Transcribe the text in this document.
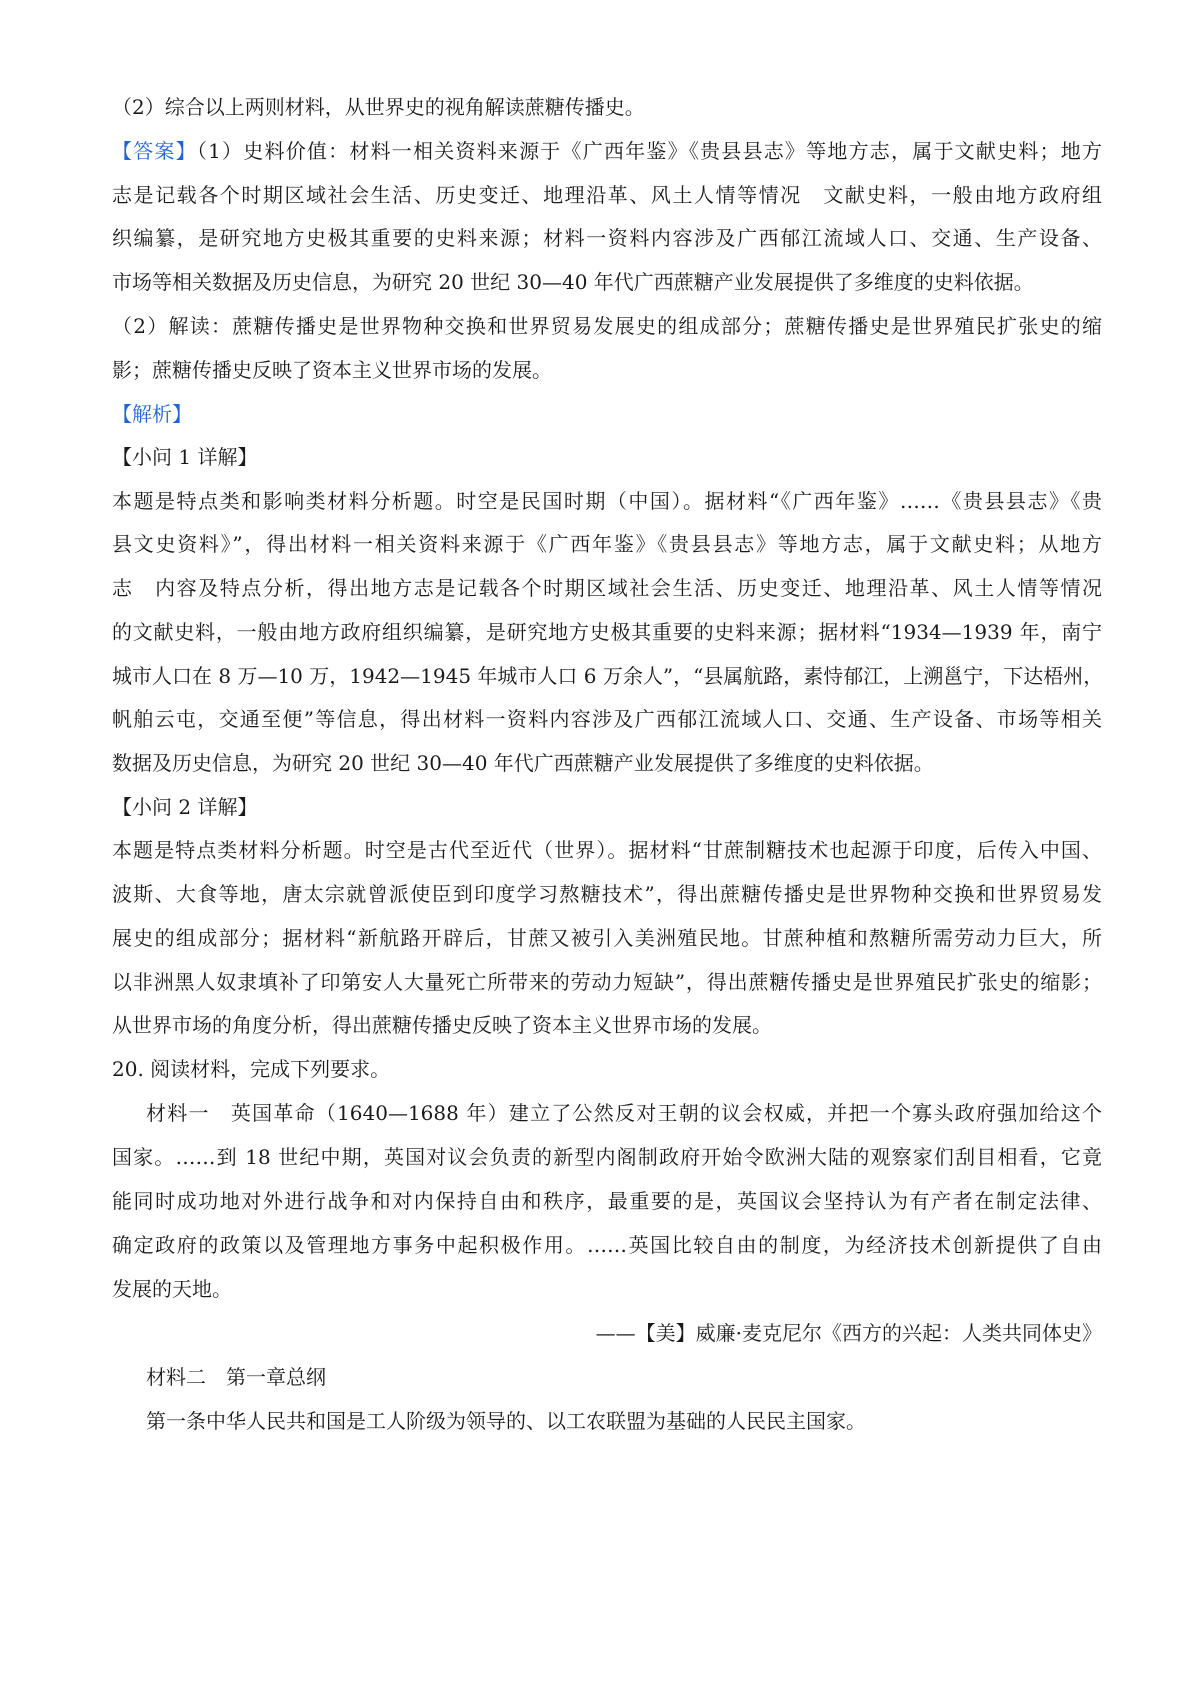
（2）综合以上两则材料，从世界史的视角解读蔗糖传播史。
【答案】（1）史料价值：材料一相关资料来源于《广西年鉴》《贵县县志》等地方志，属于文献史料；地方
志是记载各个时期区域社会生活、历史变迁、地理沿革、风土人情等情况　文献史料，一般由地方政府组
织编纂，是研究地方史极其重要的史料来源；材料一资料内容涉及广西郁江流域人口、交通、生产设备、
市场等相关数据及历史信息，为研究 20 世纪 30—40 年代广西蔗糖产业发展提供了多维度的史料依据。
（2）解读：蔗糖传播史是世界物种交换和世界贸易发展史的组成部分；蔗糖传播史是世界殖民扩张史的缩
影；蔗糖传播史反映了资本主义世界市场的发展。
【解析】
【小问 1 详解】
本题是特点类和影响类材料分析题。时空是民国时期（中国）。据材料“《广西年鉴》……《贵县县志》《贵
县文史资料》”，得出材料一相关资料来源于《广西年鉴》《贵县县志》等地方志，属于文献史料；从地方
志　内容及特点分析，得出地方志是记载各个时期区域社会生活、历史变迁、地理沿革、风土人情等情况
的文献史料，一般由地方政府组织编纂，是研究地方史极其重要的史料来源；据材料“1934—1939 年，南宁
城市人口在 8 万—10 万，1942—1945 年城市人口 6 万余人”，“县属航路，素恃郁江，上溯邕宁，下达梧州，
帆舶云屯，交通至便”等信息，得出材料一资料内容涉及广西郁江流域人口、交通、生产设备、市场等相关
数据及历史信息，为研究 20 世纪 30—40 年代广西蔗糖产业发展提供了多维度的史料依据。
【小问 2 详解】
本题是特点类材料分析题。时空是古代至近代（世界）。据材料“甘蔗制糖技术也起源于印度，后传入中国、
波斯、大食等地，唐太宗就曾派使臣到印度学习熬糖技术”，得出蔗糖传播史是世界物种交换和世界贸易发
展史的组成部分；据材料“新航路开辟后，甘蔗又被引入美洲殖民地。甘蔗种植和熬糖所需劳动力巨大，所
以非洲黑人奴隶填补了印第安人大量死亡所带来的劳动力短缺”，得出蔗糖传播史是世界殖民扩张史的缩影；
从世界市场的角度分析，得出蔗糖传播史反映了资本主义世界市场的发展。
20. 阅读材料，完成下列要求。
材料一　英国革命（1640—1688 年）建立了公然反对王朝的议会权威，并把一个寡头政府强加给这个
国家。……到 18 世纪中期，英国对议会负责的新型内阁制政府开始令欧洲大陆的观察家们刮目相看，它竟
能同时成功地对外进行战争和对内保持自由和秩序，最重要的是，英国议会坚持认为有产者在制定法律、
确定政府的政策以及管理地方事务中起积极作用。……英国比较自由的制度，为经济技术创新提供了自由
发展的天地。
——【美】威廉·麦克尼尔《西方的兴起：人类共同体史》
材料二　第一章总纲
第一条中华人民共和国是工人阶级为领导的、以工农联盟为基础的人民民主国家。
